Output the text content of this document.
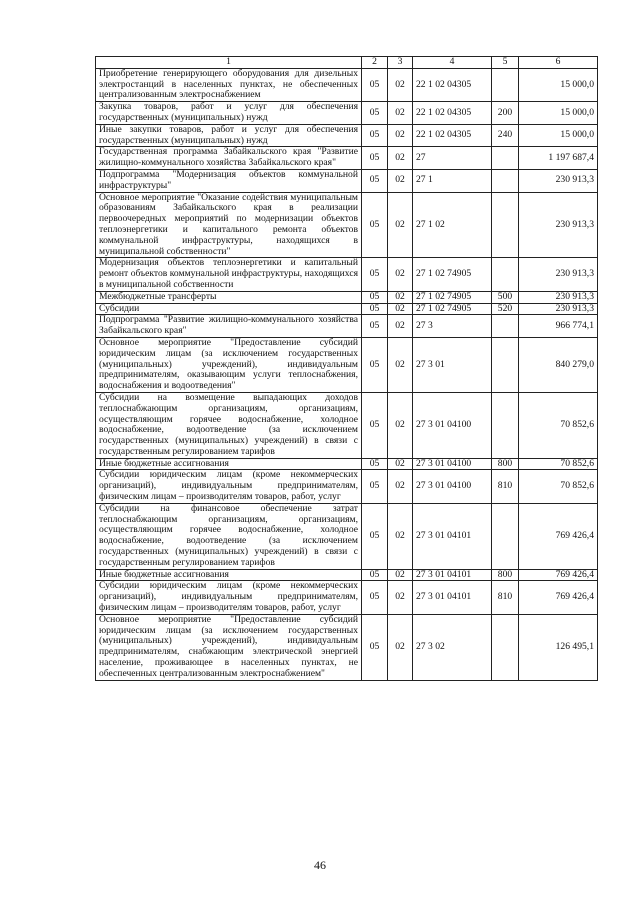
1	2	3	4	5	6
Приобретение генерирующего оборудования для дизельных электростанций в населенных пунктах, не обеспеченных централизованным электроснабжением	05	02	22 1 02 04305		15 000,0
Закупка товаров, работ и услуг для обеспечения государственных (муниципальных) нужд	05	02	22 1 02 04305	200	15 000,0
Иные закупки товаров, работ и услуг для обеспечения государственных (муниципальных) нужд	05	02	22 1 02 04305	240	15 000,0
Государственная программа Забайкальского края "Развитие жилищно-коммунального хозяйства Забайкальского края"	05	02	27		1 197 687,4
Подпрограмма "Модернизация объектов коммунальной инфраструктуры"	05	02	27 1		230 913,3
Основное мероприятие "Оказание содействия муниципальным образованиям Забайкальского края в реализации первоочередных мероприятий по модернизации объектов теплоэнергетики и капитального ремонта объектов коммунальной инфраструктуры, находящихся в муниципальной собственности"	05	02	27 1 02		230 913,3
Модернизация объектов теплоэнергетики и капитальный ремонт объектов коммунальной инфраструктуры, находящихся в муниципальной собственности	05	02	27 1 02 74905		230 913,3
Межбюджетные трансферты	05	02	27 1 02 74905	500	230 913,3
Субсидии	05	02	27 1 02 74905	520	230 913,3
Подпрограмма "Развитие жилищно-коммунального хозяйства Забайкальского края"	05	02	27 3		966 774,1
Основное мероприятие "Предоставление субсидий юридическим лицам (за исключением государственных (муниципальных) учреждений), индивидуальным предпринимателям, оказывающим услуги теплоснабжения, водоснабжения и водоотведения"	05	02	27 3 01		840 279,0
Субсидии на возмещение выпадающих доходов теплоснабжающим организациям, организациям, осуществляющим горячее водоснабжение, холодное водоснабжение, водоотведение (за исключением государственных (муниципальных) учреждений) в связи с государственным регулированием тарифов	05	02	27 3 01 04100		70 852,6
Иные бюджетные ассигнования	05	02	27 3 01 04100	800	70 852,6
Субсидии юридическим лицам (кроме некоммерческих организаций), индивидуальным предпринимателям, физическим лицам – производителям товаров, работ, услуг	05	02	27 3 01 04100	810	70 852,6
Субсидии на финансовое обеспечение затрат теплоснабжающим организациям, организациям, осуществляющим горячее водоснабжение, холодное водоснабжение, водоотведение (за исключением государственных (муниципальных) учреждений) в связи с государственным регулированием тарифов	05	02	27 3 01 04101		769 426,4
Иные бюджетные ассигнования	05	02	27 3 01 04101	800	769 426,4
Субсидии юридическим лицам (кроме некоммерческих организаций), индивидуальным предпринимателям, физическим лицам – производителям товаров, работ, услуг	05	02	27 3 01 04101	810	769 426,4
Основное мероприятие "Предоставление субсидий юридическим лицам (за исключением государственных (муниципальных) учреждений), индивидуальным предпринимателям, снабжающим электрической энергией население, проживающее в населенных пунктах, не обеспеченных централизованным электроснабжением"	05	02	27 3 02		126 495,1
46
